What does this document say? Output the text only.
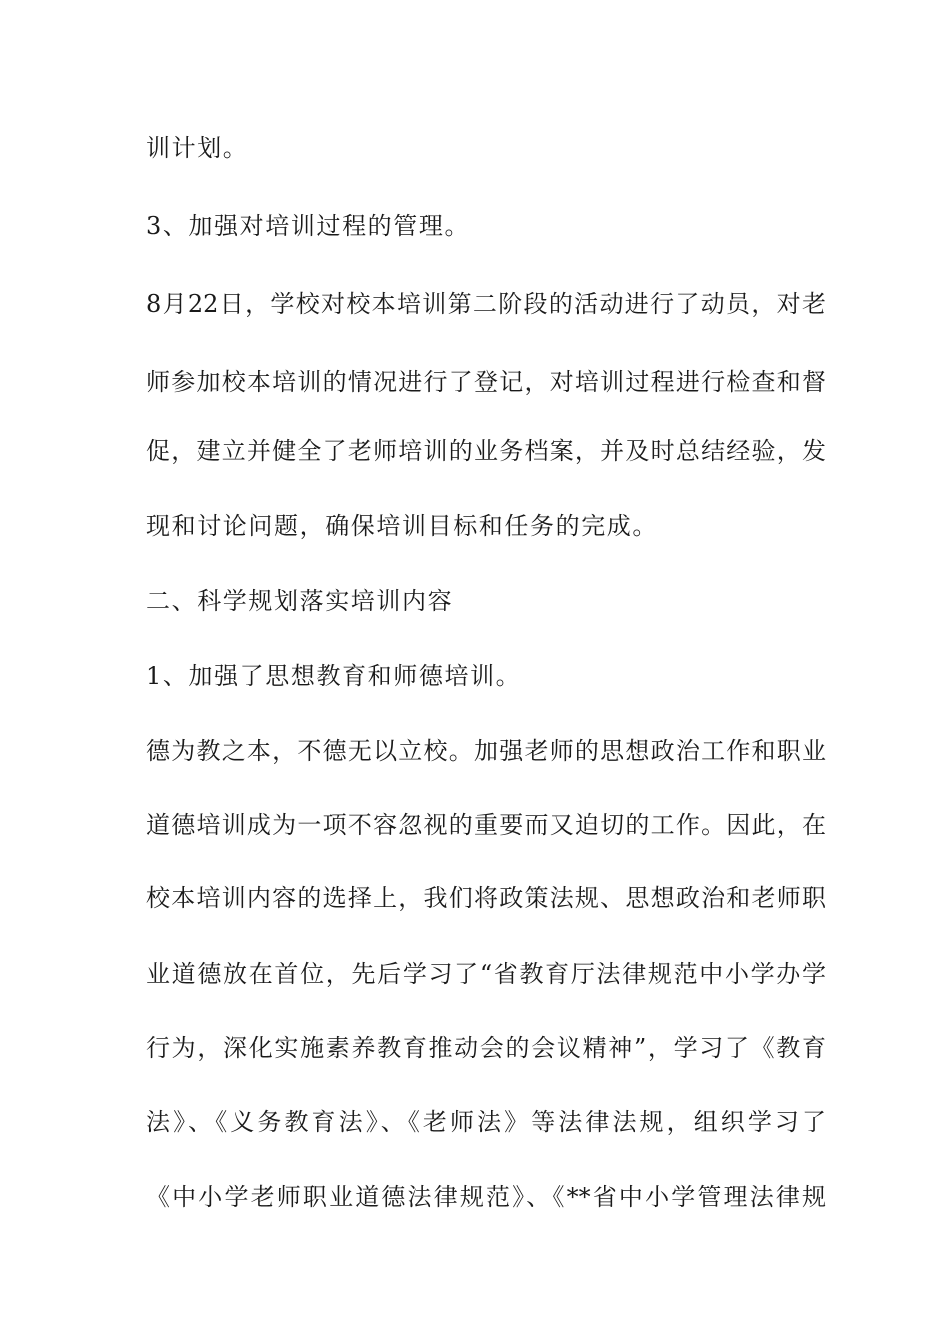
训计划。
3、加强对培训过程的管理。
8月22日，学校对校本培训第二阶段的活动进行了动员，对老
师参加校本培训的情况进行了登记，对培训过程进行检查和督
促，建立并健全了老师培训的业务档案，并及时总结经验，发
现和讨论问题，确保培训目标和任务的完成。
二、科学规划落实培训内容
1、加强了思想教育和师德培训。
德为教之本，不德无以立校。加强老师的思想政治工作和职业
道德培训成为一项不容忽视的重要而又迫切的工作。因此，在
校本培训内容的选择上，我们将政策法规、思想政治和老师职
业道德放在首位，先后学习了“省教育厅法律规范中小学办学
行为，深化实施素养教育推动会的会议精神”，学习了《教育
法》、《义务教育法》、《老师法》等法律法规，组织学习了
《中小学老师职业道德法律规范》、《**省中小学管理法律规
